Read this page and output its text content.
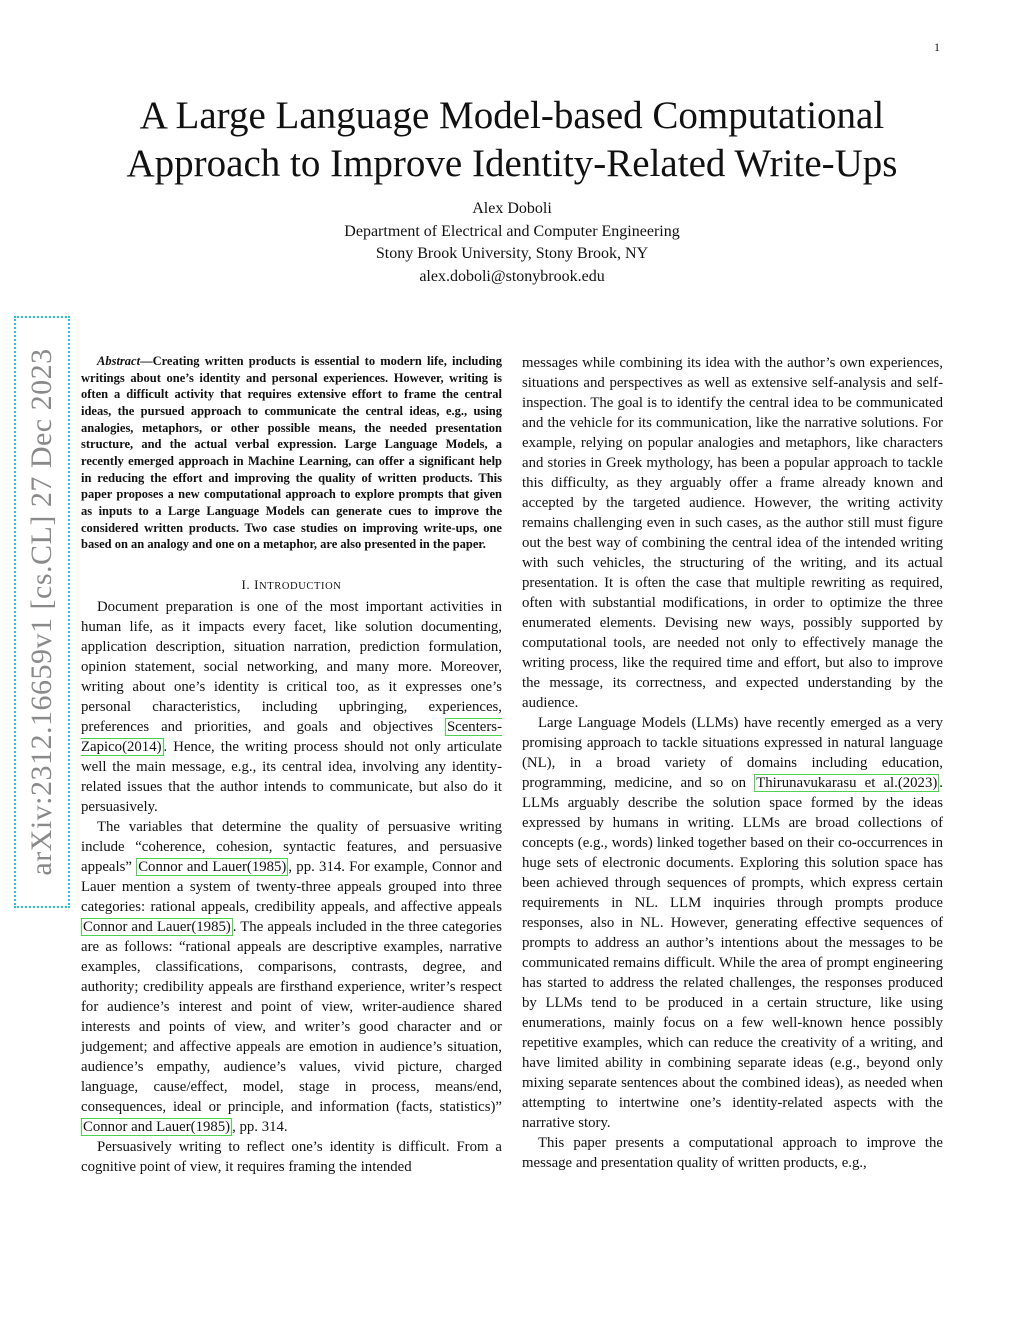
1
arXiv:2312.16659v1 [cs.CL] 27 Dec 2023
A Large Language Model-based Computational
Approach to Improve Identity-Related Write-Ups
Alex Doboli
Department of Electrical and Computer Engineering
Stony Brook University, Stony Brook, NY
alex.doboli@stonybrook.edu

Abstract—Creating written products is essential to modern life, including writings about one’s identity and personal experiences. However, writing is often a difficult activity that requires extensive effort to frame the central ideas, the pursued approach to communicate the central ideas, e.g., using analogies, metaphors, or other possible means, the needed presentation structure, and the actual verbal expression. Large Language Models, a recently emerged approach in Machine Learning, can offer a significant help in reducing the effort and improving the quality of written products. This paper proposes a new computational approach to explore prompts that given as inputs to a Large Language Models can generate cues to improve the considered written products. Two case studies on improving write-ups, one based on an analogy and one on a metaphor, are also presented in the paper.

I. INTRODUCTION

Document preparation is one of the most important activities in human life, as it impacts every facet, like solution documenting, application description, situation narration, prediction formulation, opinion statement, social networking, and many more. Moreover, writing about one’s identity is critical too, as it expresses one’s personal characteristics, including upbringing, experiences, preferences and priorities, and goals and objectives Scenters-Zapico(2014) . Hence, the writing process should not only articulate well the main message, e.g., its central idea, involving any identity-related issues that the author intends to communicate, but also do it persuasively.

The variables that determine the quality of persuasive writing include “coherence, cohesion, syntactic features, and persuasive appeals” Connor and Lauer(1985) , pp. 314. For example, Connor and Lauer mention a system of twenty-three appeals grouped into three categories: rational appeals, credibility appeals, and affective appeals Connor and Lauer(1985) . The appeals included in the three categories are as follows: “rational appeals are descriptive examples, narrative examples, classifications, comparisons, contrasts, degree, and authority; credibility appeals are firsthand experience, writer’s respect for audience’s interest and point of view, writer-audience shared interests and points of view, and writer’s good character and or judgement; and affective appeals are emotion in audience’s situation, audience’s empathy, audience’s values, vivid picture, charged language, cause/effect, model, stage in process, means/end, consequences, ideal or principle, and information (facts, statistics)” Connor and Lauer(1985) , pp. 314.

Persuasively writing to reflect one’s identity is difficult. From a cognitive point of view, it requires framing the intended

messages while combining its idea with the author’s own experiences, situations and perspectives as well as extensive self-analysis and self-inspection. The goal is to identify the central idea to be communicated and the vehicle for its communication, like the narrative solutions. For example, relying on popular analogies and metaphors, like characters and stories in Greek mythology, has been a popular approach to tackle this difficulty, as they arguably offer a frame already known and accepted by the targeted audience. However, the writing activity remains challenging even in such cases, as the author still must figure out the best way of combining the central idea of the intended writing with such vehicles, the structuring of the writing, and its actual presentation. It is often the case that multiple rewriting as required, often with substantial modifications, in order to optimize the three enumerated elements. Devising new ways, possibly supported by computational tools, are needed not only to effectively manage the writing process, like the required time and effort, but also to improve the message, its correctness, and expected understanding by the audience.

Large Language Models (LLMs) have recently emerged as a very promising approach to tackle situations expressed in natural language (NL), in a broad variety of domains including education, programming, medicine, and so on Thirunavukarasu et al.(2023) . LLMs arguably describe the solution space formed by the ideas expressed by humans in writing. LLMs are broad collections of concepts (e.g., words) linked together based on their co-occurrences in huge sets of electronic documents. Exploring this solution space has been achieved through sequences of prompts, which express certain requirements in NL. LLM inquiries through prompts produce responses, also in NL. However, generating effective sequences of prompts to address an author’s intentions about the messages to be communicated remains difficult. While the area of prompt engineering has started to address the related challenges, the responses produced by LLMs tend to be produced in a certain structure, like using enumerations, mainly focus on a few well-known hence possibly repetitive examples, which can reduce the creativity of a writing, and have limited ability in combining separate ideas (e.g., beyond only mixing separate sentences about the combined ideas), as needed when attempting to intertwine one’s identity-related aspects with the narrative story.

This paper presents a computational approach to improve the message and presentation quality of written products, e.g.,
